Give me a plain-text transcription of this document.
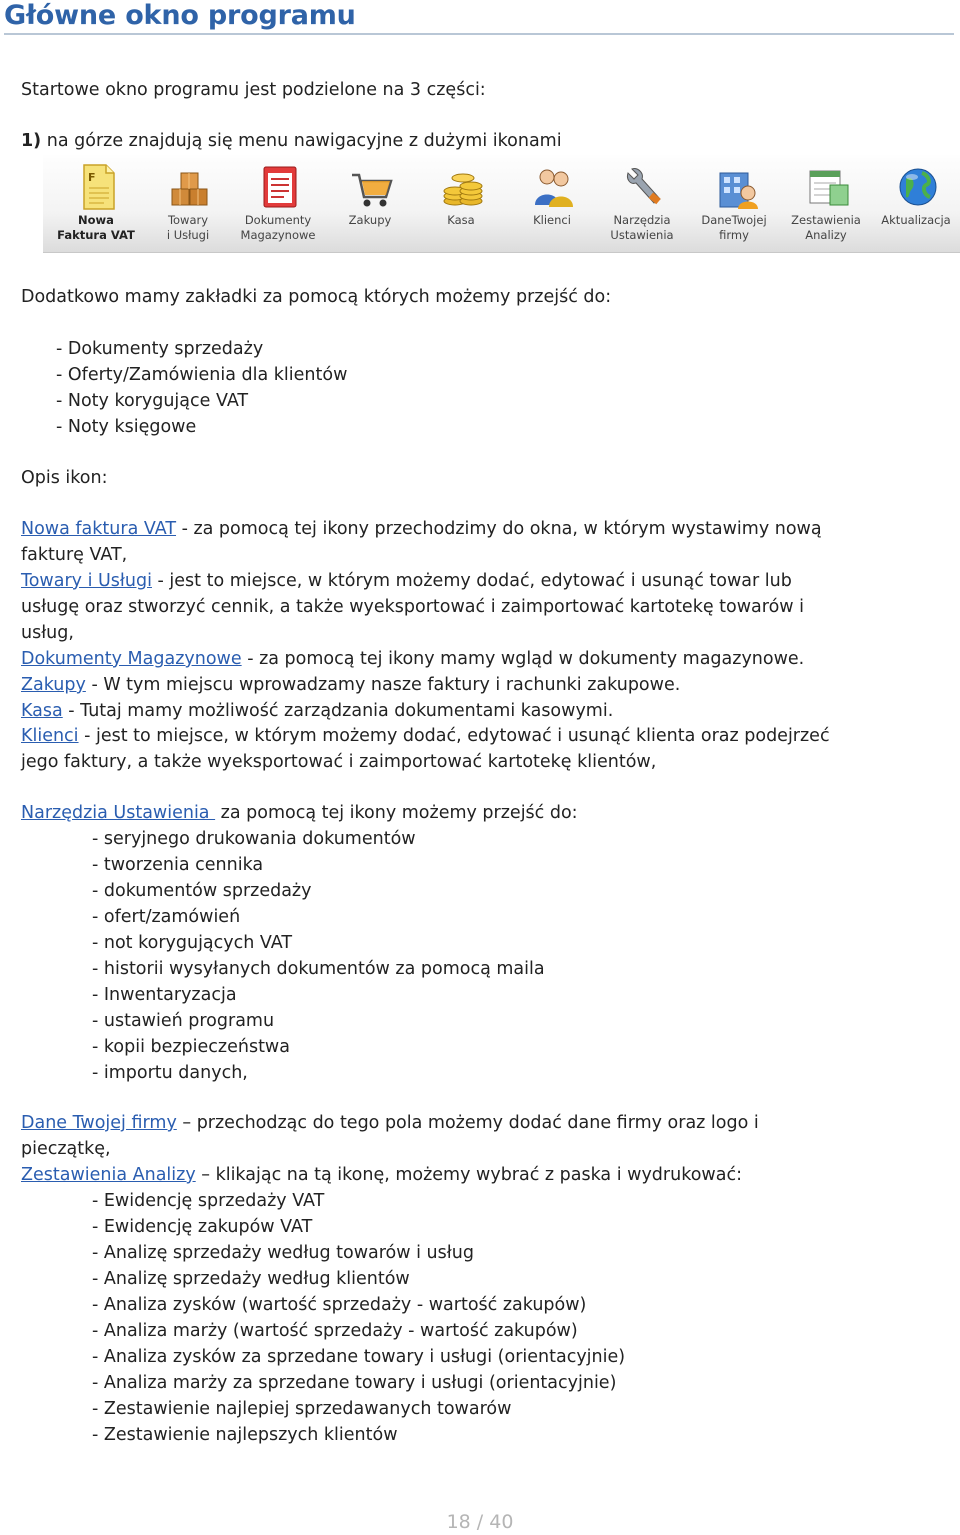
Główne okno programu

Startowe okno programu jest podzielone na 3 części:

1) na górze znajdują się menu nawigacyjne z dużymi ikonami

F
Nowa
Faktura VAT
Towary
i Usługi
Dokumenty
Magazynowe
Zakupy	Kasa	Klienci	Narzędzia
Ustawienia
DaneTwojej
firmy
Zestawienia
Analizy
Aktualizacja

Dodatkowo mamy zakładki za pomocą których możemy przejść do:

- Dokumenty sprzedaży
- Oferty/Zamówienia dla klientów
- Noty korygujące VAT
- Noty księgowe

Opis ikon:

Nowa faktura VAT - za pomocą tej ikony przechodzimy do okna, w którym wystawimy nową

fakturę VAT,

Towary i Usługi - jest to miejsce, w którym możemy dodać, edytować i usunąć towar lub

usługę oraz stworzyć cennik, a także wyeksportować i zaimportować kartotekę towarów i

usług,

Dokumenty Magazynowe - za pomocą tej ikony mamy wgląd w dokumenty magazynowe.

Zakupy - W tym miejscu wprowadzamy nasze faktury i rachunki zakupowe.

Kasa - Tutaj mamy możliwość zarządzania dokumentami kasowymi.

Klienci - jest to miejsce, w którym możemy dodać, edytować i usunąć klienta oraz podejrzeć

jego faktury, a także wyeksportować i zaimportować kartotekę klientów,

Narzędzia Ustawienia  za pomocą tej ikony możemy przejść do:

- seryjnego drukowania dokumentów
- tworzenia cennika
- dokumentów sprzedaży
- ofert/zamówień
- not korygujących VAT
- historii wysyłanych dokumentów za pomocą maila
- Inwentaryzacja
- ustawień programu
- kopii bezpieczeństwa
- importu danych,

Dane Twojej firmy – przechodząc do tego pola możemy dodać dane firmy oraz logo i

pieczątkę,

Zestawienia Analizy – klikając na tą ikonę, możemy wybrać z paska i wydrukować:

- Ewidencję sprzedaży VAT
- Ewidencję zakupów VAT
- Analizę sprzedaży według towarów i usług
- Analizę sprzedaży według klientów
- Analiza zysków (wartość sprzedaży - wartość zakupów)
- Analiza marży (wartość sprzedaży - wartość zakupów)
- Analiza zysków za sprzedane towary i usługi (orientacyjnie)
- Analiza marży za sprzedane towary i usługi (orientacyjnie)
- Zestawienie najlepiej sprzedawanych towarów
- Zestawienie najlepszych klientów
18 / 40
